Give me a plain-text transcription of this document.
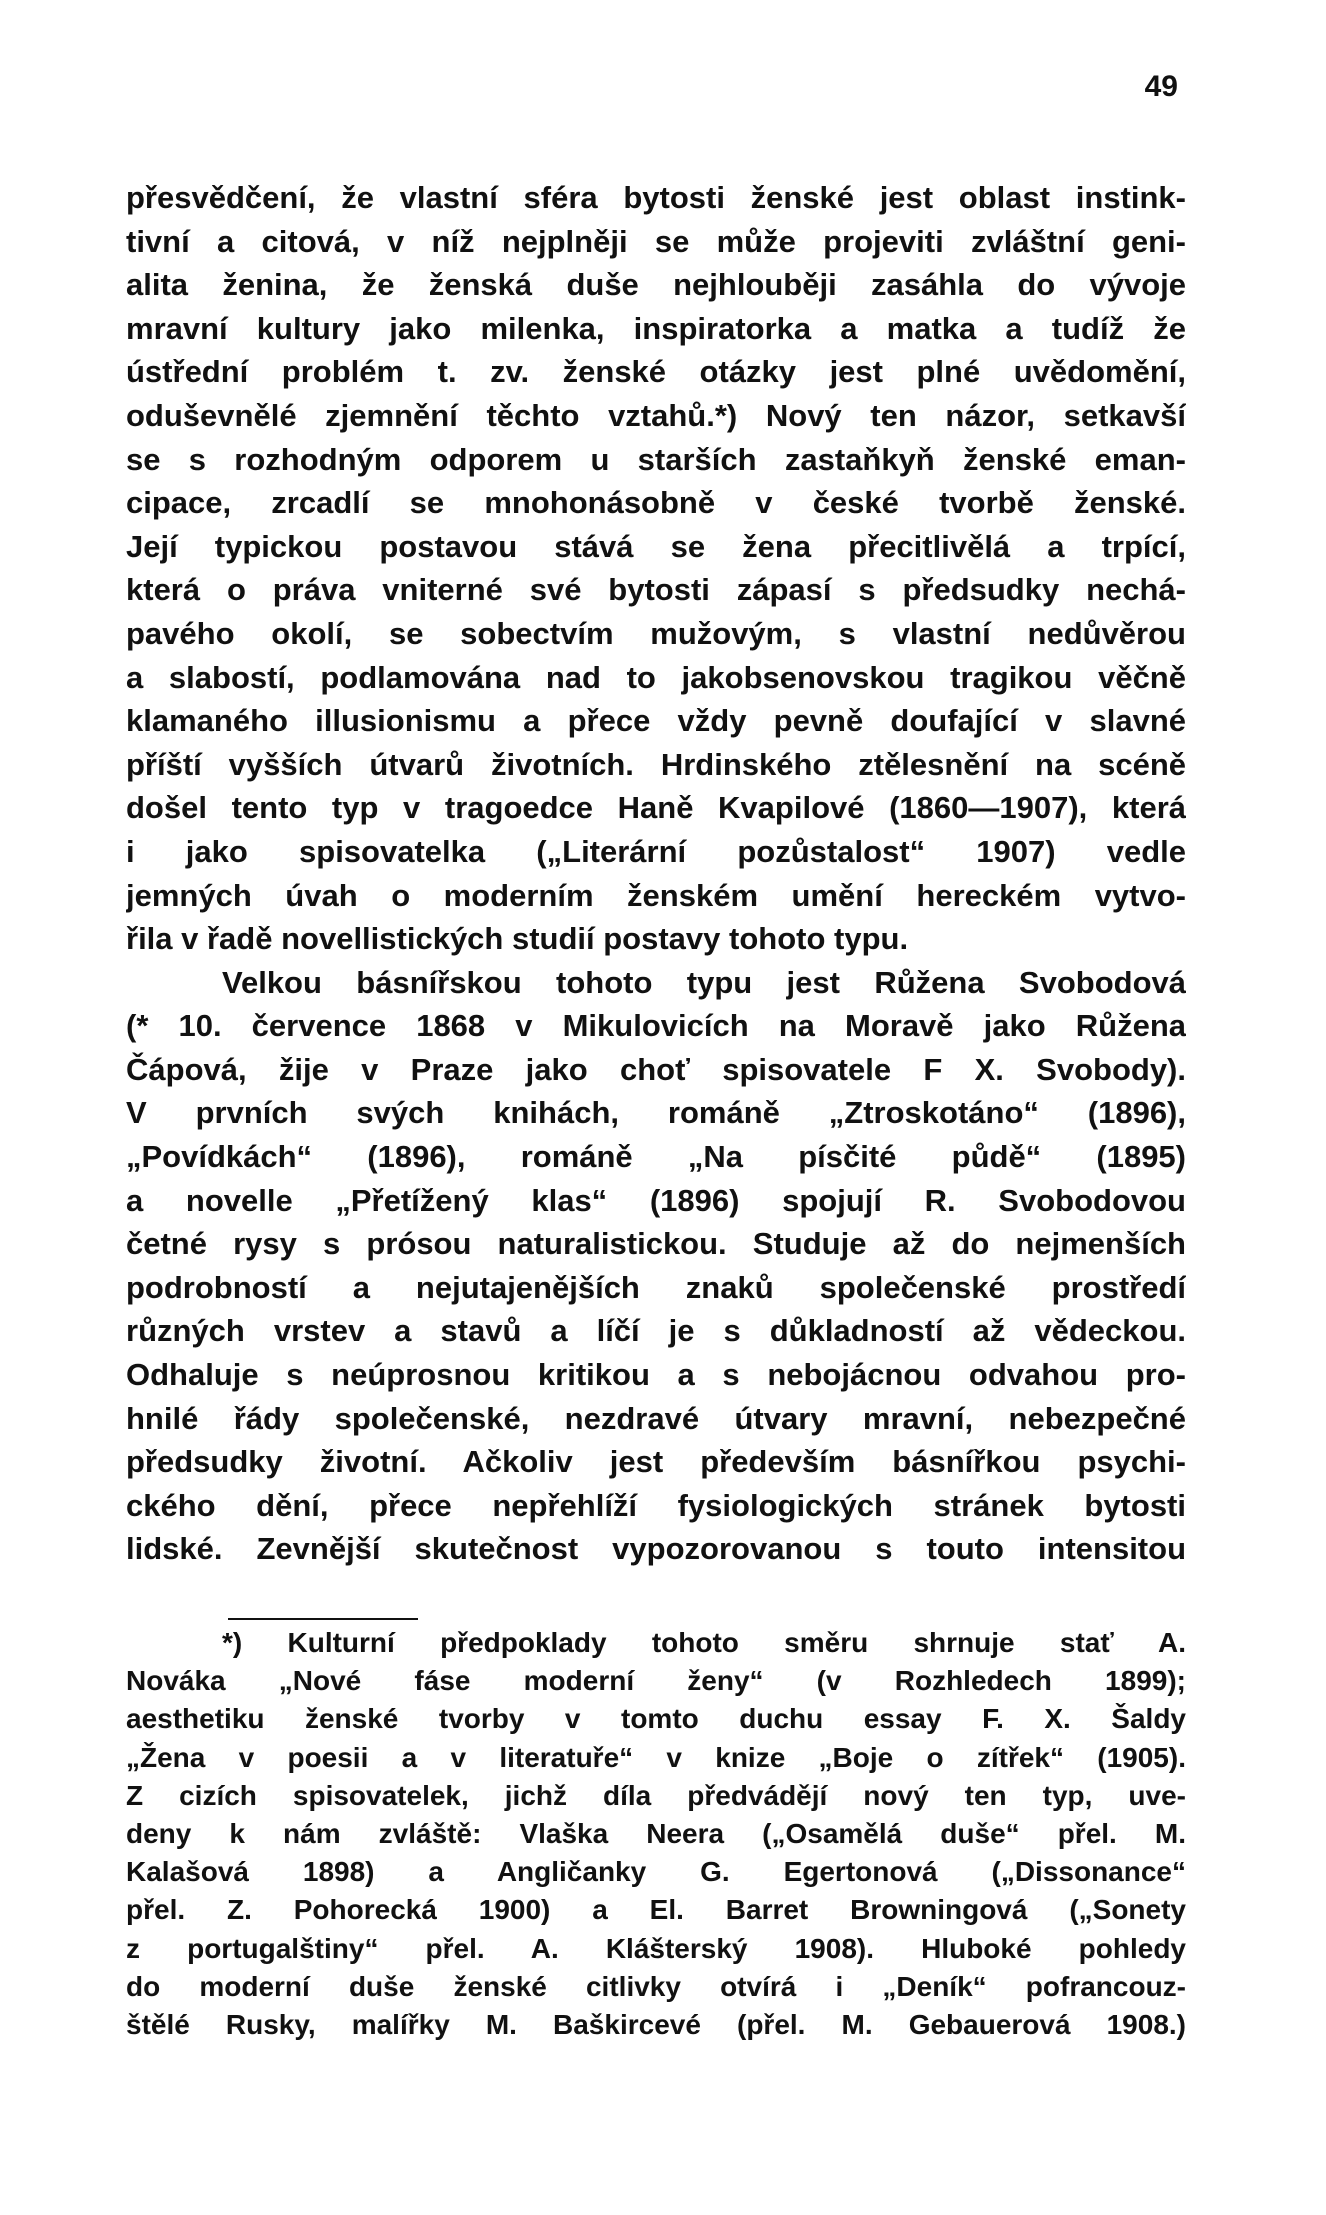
49
přesvědčení, že vlastní sféra bytosti ženské jest oblast instink-
tivní a citová, v níž nejplněji se může projeviti zvláštní geni-
alita ženina, že ženská duše nejhlouběji zasáhla do vývoje
mravní kultury jako milenka, inspiratorka a matka a tudíž že
ústřední problém t. zv. ženské otázky jest plné uvědomění,
oduševnělé zjemnění těchto vztahů.*) Nový ten názor, setkavší
se s rozhodným odporem u starších zastaňkyň ženské eman-
cipace, zrcadlí se mnohonásobně v české tvorbě ženské.
Její typickou postavou stává se žena přecitlivělá a trpící,
která o práva vniterné své bytosti zápasí s předsudky nechá-
pavého okolí, se sobectvím mužovým, s vlastní nedůvěrou
a slabostí, podlamována nad to jakobsenovskou tragikou věčně
klamaného illusionismu a přece vždy pevně doufající v slavné
příští vyšších útvarů životních. Hrdinského ztělesnění na scéně
došel tento typ v tragoedce Haně Kvapilové (1860—1907), která
i jako spisovatelka („Literární pozůstalost“ 1907) vedle
jemných úvah o moderním ženském umění hereckém vytvo-
řila v řadě novellistických studií postavy tohoto typu.
Velkou básnířskou tohoto typu jest Růžena Svobodová
(* 10. července 1868 v Mikulovicích na Moravě jako Růžena
Čápová, žije v Praze jako choť spisovatele F X. Svobody).
V prvních svých knihách, románě „Ztroskotáno“ (1896),
„Povídkách“ (1896), románě „Na písčité půdě“ (1895)
a novelle „Přetížený klas“ (1896) spojují R. Svobodovou
četné rysy s prósou naturalistickou. Studuje až do nejmenších
podrobností a nejutajenějších znaků společenské prostředí
různých vrstev a stavů a líčí je s důkladností až vědeckou.
Odhaluje s neúprosnou kritikou a s nebojácnou odvahou pro-
hnilé řády společenské, nezdravé útvary mravní, nebezpečné
předsudky životní. Ačkoliv jest především básnířkou psychi-
ckého dění, přece nepřehlíží fysiologických stránek bytosti
lidské. Zevnější skutečnost vypozorovanou s touto intensitou
*) Kulturní předpoklady tohoto směru shrnuje stať A.
Nováka „Nové fáse moderní ženy“ (v Rozhledech 1899);
aesthetiku ženské tvorby v tomto duchu essay F. X. Šaldy
„Žena v poesii a v literatuře“ v knize „Boje o zítřek“ (1905).
Z cizích spisovatelek, jichž díla předvádějí nový ten typ, uve-
deny k nám zvláště: Vlaška Neera („Osamělá duše“ přel. M.
Kalašová 1898) a Angličanky G. Egertonová („Dissonance“
přel. Z. Pohorecká 1900) a El. Barret Browningová („Sonety
z portugalštiny“ přel. A. Klášterský 1908). Hluboké pohledy
do moderní duše ženské citlivky otvírá i „Deník“ pofrancouz-
štělé Rusky, malířky M. Baškircevé (přel. M. Gebauerová 1908.)
